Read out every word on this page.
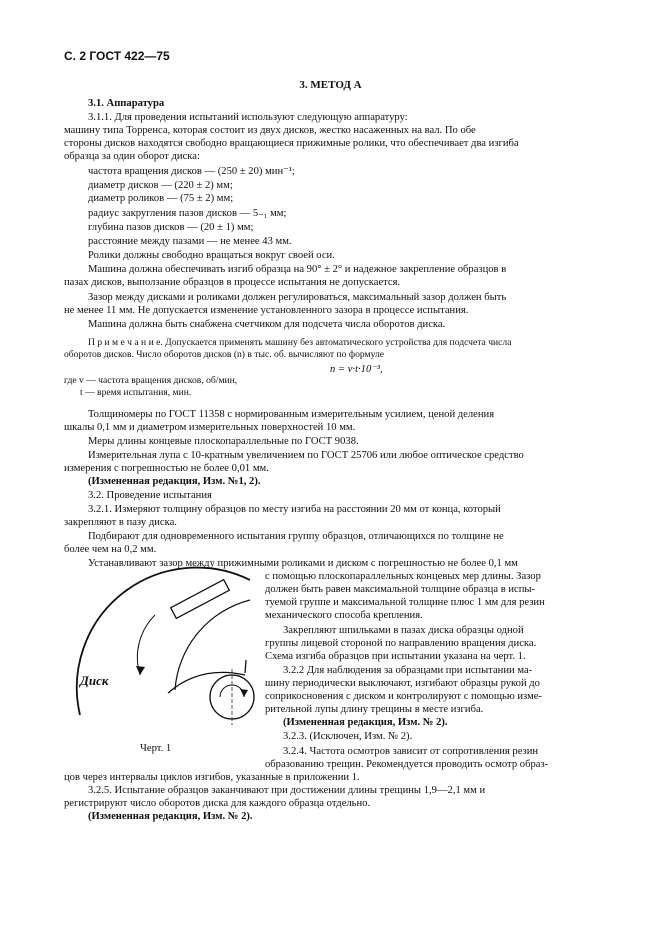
С. 2 ГОСТ 422—75
3. МЕТОД А
3.1. Аппаратура
3.1.1. Для проведения испытаний используют следующую аппаратуру:
машину типа Торренса, которая состоит из двух дисков, жестко насаженных на вал. По обе
стороны дисков находятся свободно вращающиеся прижимные ролики, что обеспечивает два изгиба
образца за один оборот диска:
частота вращения дисков — (250 ± 20) мин⁻¹;
диаметр дисков — (220 ± 2) мм;
диаметр роликов — (75 ± 2) мм;
радиус закругления пазов дисков — 5₋₁ мм;
глубина пазов дисков — (20 ± 1) мм;
расстояние между пазами — не менее 43 мм.
Ролики должны свободно вращаться вокруг своей оси.
Машина должна обеспечивать изгиб образца на 90° ± 2° и надежное закрепление образцов в
пазах дисков, выползание образцов в процессе испытания не допускается.
Зазор между дисками и роликами должен регулироваться, максимальный зазор должен быть
не менее 11 мм. Не допускается изменение установленного зазора в процессе испытания.
Машина должна быть снабжена счетчиком для подсчета числа оборотов диска.
П р и м е ч а н и е. Допускается применять машину без автоматического устройства для подсчета числа
оборотов дисков. Число оборотов дисков (n) в тыс. об. вычисляют по формуле
где v — частота вращения дисков, об/мин,
t — время испытания, мин.
Толщиномеры по ГОСТ 11358 с нормированным измерительным усилием, ценой деления
шкалы 0,1 мм и диаметром измерительных поверхностей 10 мм.
Меры длины концевые плоскопараллельные по ГОСТ 9038.
Измерительная лупа с 10-кратным увеличением по ГОСТ 25706 или любое оптическое средство
измерения с погрешностью не более 0,01 мм.
(Измененная редакция, Изм. №1, 2).
3.2. Проведение испытания
3.2.1. Измеряют толщину образцов по месту изгиба на расстоянии 20 мм от конца, который
закрепляют в пазу диска.
Подбирают для одновременного испытания группу образцов, отличающихся по толщине не
более чем на 0,2 мм.
Устанавливают зазор между прижимными роликами и диском с погрешностью не более 0,1 мм
с помощью плоскопараллельных концевых мер длины. Зазор
должен быть равен максимальной толщине образца в испы-
туемой группе и максимальной толщине плюс 1 мм для резин
механического способа крепления.
Закрепляют шпильками в пазах диска образцы одной
группы лицевой стороной по направлению вращения диска.
Схема изгиба образцов при испытании указана на черт. 1.
3.2.2 Для наблюдения за образцами при испытании ма-
шину периодически выключают, изгибают образцы рукой до
соприкосновения с диском и контролируют с помощью изме-
рительной лупы длину трещины в месте изгиба.
(Измененная редакция, Изм. № 2).
3.2.3. (Исключен, Изм. № 2).
3.2.4. Частота осмотров зависит от сопротивления резин
образованию трещин. Рекомендуется проводить осмотр образ-
цов через интервалы циклов изгибов, указанные в приложении 1.
3.2.5. Испытание образцов заканчивают при достижении длины трещины 1,9—2,1 мм и
регистрируют число оборотов диска для каждого образца отдельно.
(Измененная редакция, Изм. № 2).
n = v·t·10⁻³,
Диск
Черт. 1
